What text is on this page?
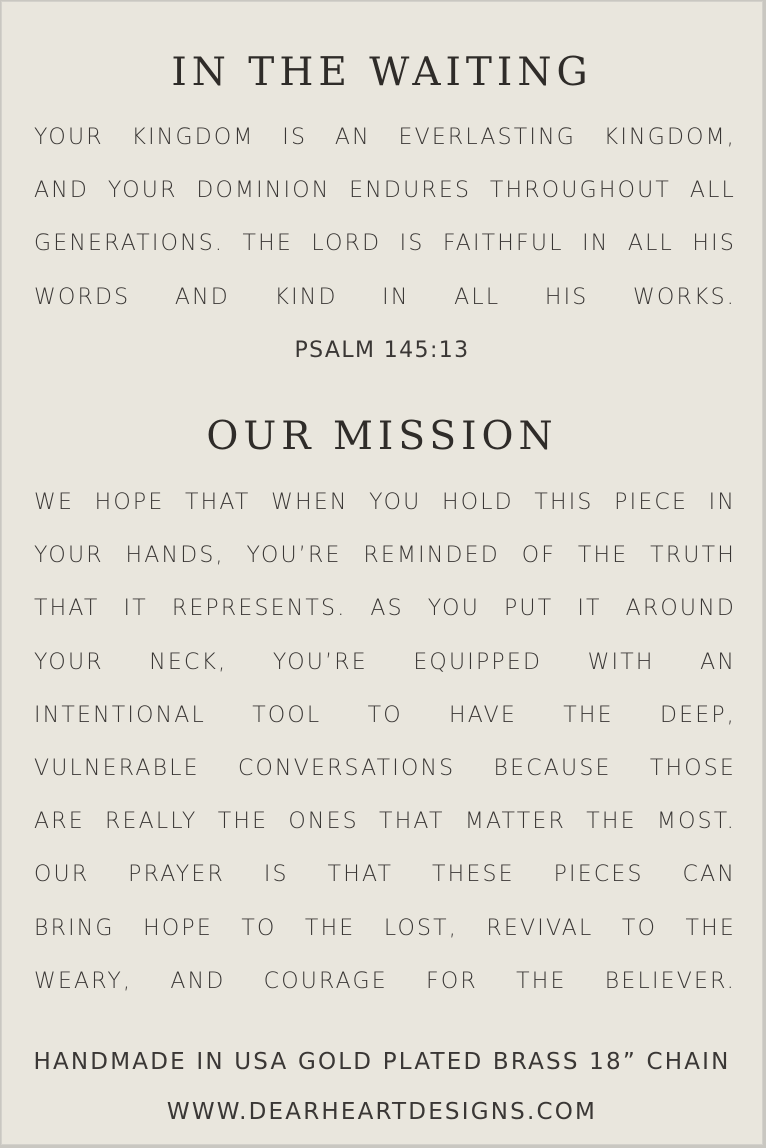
IN THE WAITING
YOUR KINGDOM IS AN EVERLASTING KINGDOM,
AND YOUR DOMINION ENDURES THROUGHOUT ALL
GENERATIONS. THE LORD IS FAITHFUL IN ALL HIS
WORDS AND KIND IN ALL HIS WORKS.

PSALM 145:13

OUR MISSION
WE HOPE THAT WHEN YOU HOLD THIS PIECE IN
YOUR HANDS, YOU’RE REMINDED OF THE TRUTH
THAT IT REPRESENTS. AS YOU PUT IT AROUND
YOUR NECK, YOU’RE EQUIPPED WITH AN
INTENTIONAL TOOL TO HAVE THE DEEP,
VULNERABLE CONVERSATIONS BECAUSE THOSE
ARE REALLY THE ONES THAT MATTER THE MOST.
OUR PRAYER IS THAT THESE PIECES CAN
BRING HOPE TO THE LOST, REVIVAL TO THE
WEARY, AND COURAGE FOR THE BELIEVER.

HANDMADE IN USA GOLD PLATED BRASS 18” CHAIN

WWW.DEARHEARTDESIGNS.COM
